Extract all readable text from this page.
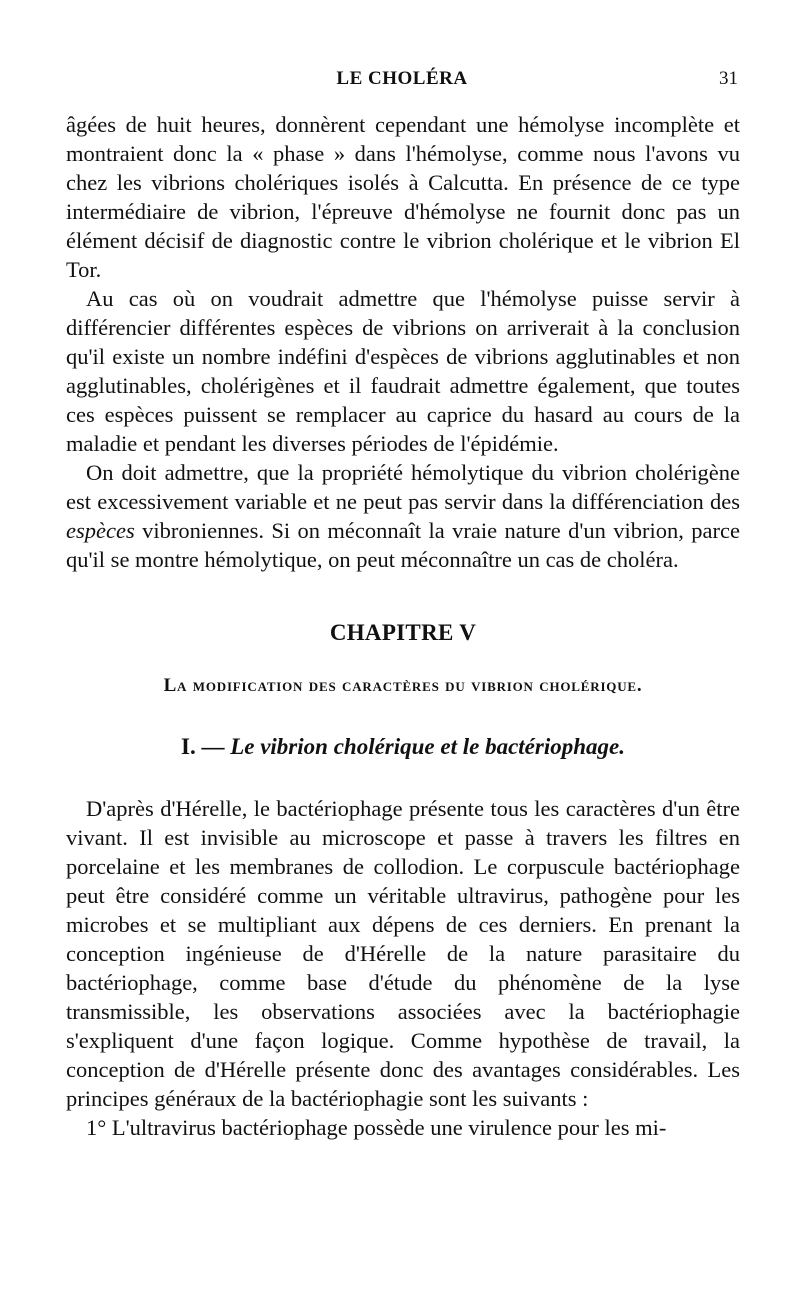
LE CHOLÉRA	31

âgées de huit heures, donnèrent cependant une hémolyse incomplète et montraient donc la « phase » dans l'hémolyse, comme nous l'avons vu chez les vibrions cholériques isolés à Calcutta. En présence de ce type intermédiaire de vibrion, l'épreuve d'hémolyse ne fournit donc pas un élément décisif de diagnostic contre le vibrion cholérique et le vibrion El Tor.

Au cas où on voudrait admettre que l'hémolyse puisse servir à différencier différentes espèces de vibrions on arriverait à la conclusion qu'il existe un nombre indéfini d'espèces de vibrions agglutinables et non agglutinables, cholérigènes et il faudrait admettre également, que toutes ces espèces puissent se remplacer au caprice du hasard au cours de la maladie et pendant les diverses périodes de l'épidémie.

On doit admettre, que la propriété hémolytique du vibrion cholérigène est excessivement variable et ne peut pas servir dans la différenciation des espèces vibroniennes. Si on méconnaît la vraie nature d'un vibrion, parce qu'il se montre hémolytique, on peut méconnaître un cas de choléra.

CHAPITRE V
La modification des caractères du vibrion cholérique.
I. — Le vibrion cholérique et le bactériophage.

D'après d'Hérelle, le bactériophage présente tous les caractères d'un être vivant. Il est invisible au microscope et passe à travers les filtres en porcelaine et les membranes de collodion. Le corpuscule bactériophage peut être considéré comme un véritable ultravirus, pathogène pour les microbes et se multipliant aux dépens de ces derniers. En prenant la conception ingénieuse de d'Hérelle de la nature parasitaire du bactériophage, comme base d'étude du phénomène de la lyse transmissible, les observations associées avec la bactériophagie s'expliquent d'une façon logique. Comme hypothèse de travail, la conception de d'Hérelle présente donc des avantages considérables. Les principes généraux de la bactériophagie sont les suivants :

1° L'ultravirus bactériophage possède une virulence pour les mi-
